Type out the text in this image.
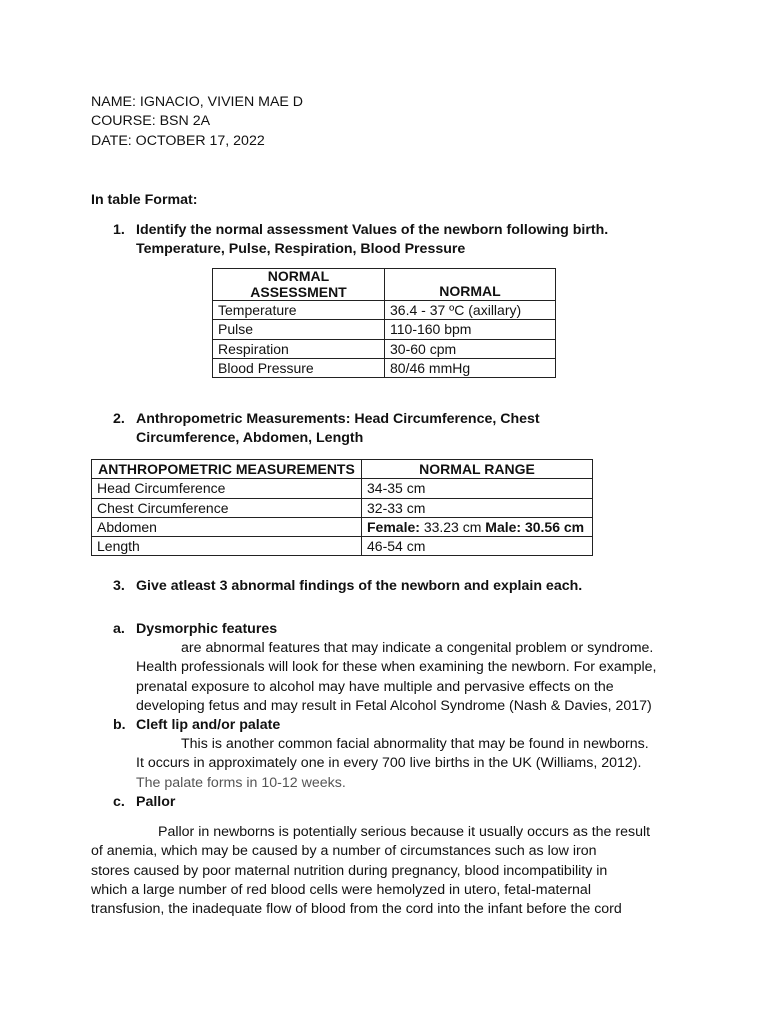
NAME: IGNACIO, VIVIEN MAE D
COURSE: BSN 2A
DATE: OCTOBER 17, 2022
In table Format:
1. Identify the normal assessment Values of the newborn following birth.
Temperature, Pulse, Respiration, Blood Pressure
NORMAL
ASSESSMENT	NORMAL
Temperature	36.4 - 37 ºC (axillary)
Pulse	110-160 bpm
Respiration	30-60 cpm
Blood Pressure	80/46 mmHg
2. Anthropometric Measurements: Head Circumference, Chest
Circumference, Abdomen, Length
ANTHROPOMETRIC MEASUREMENTS	NORMAL RANGE
Head Circumference	34-35 cm
Chest Circumference	32-33 cm
Abdomen	Female: 33.23 cm Male: 30.56 cm
Length	46-54 cm
3. Give atleast 3 abnormal findings of the newborn and explain each.
a. Dysmorphic features
are abnormal features that may indicate a congenital problem or syndrome.
Health professionals will look for these when examining the newborn. For example,
prenatal exposure to alcohol may have multiple and pervasive effects on the
developing fetus and may result in Fetal Alcohol Syndrome (Nash & Davies, 2017)
b. Cleft lip and/or palate
This is another common facial abnormality that may be found in newborns.
It occurs in approximately one in every 700 live births in the UK (Williams, 2012).
The palate forms in 10-12 weeks.
c. Pallor
Pallor in newborns is potentially serious because it usually occurs as the result
of anemia, which may be caused by a number of circumstances such as low iron
stores caused by poor maternal nutrition during pregnancy, blood incompatibility in
which a large number of red blood cells were hemolyzed in utero, fetal-maternal
transfusion, the inadequate flow of blood from the cord into the infant before the cord
